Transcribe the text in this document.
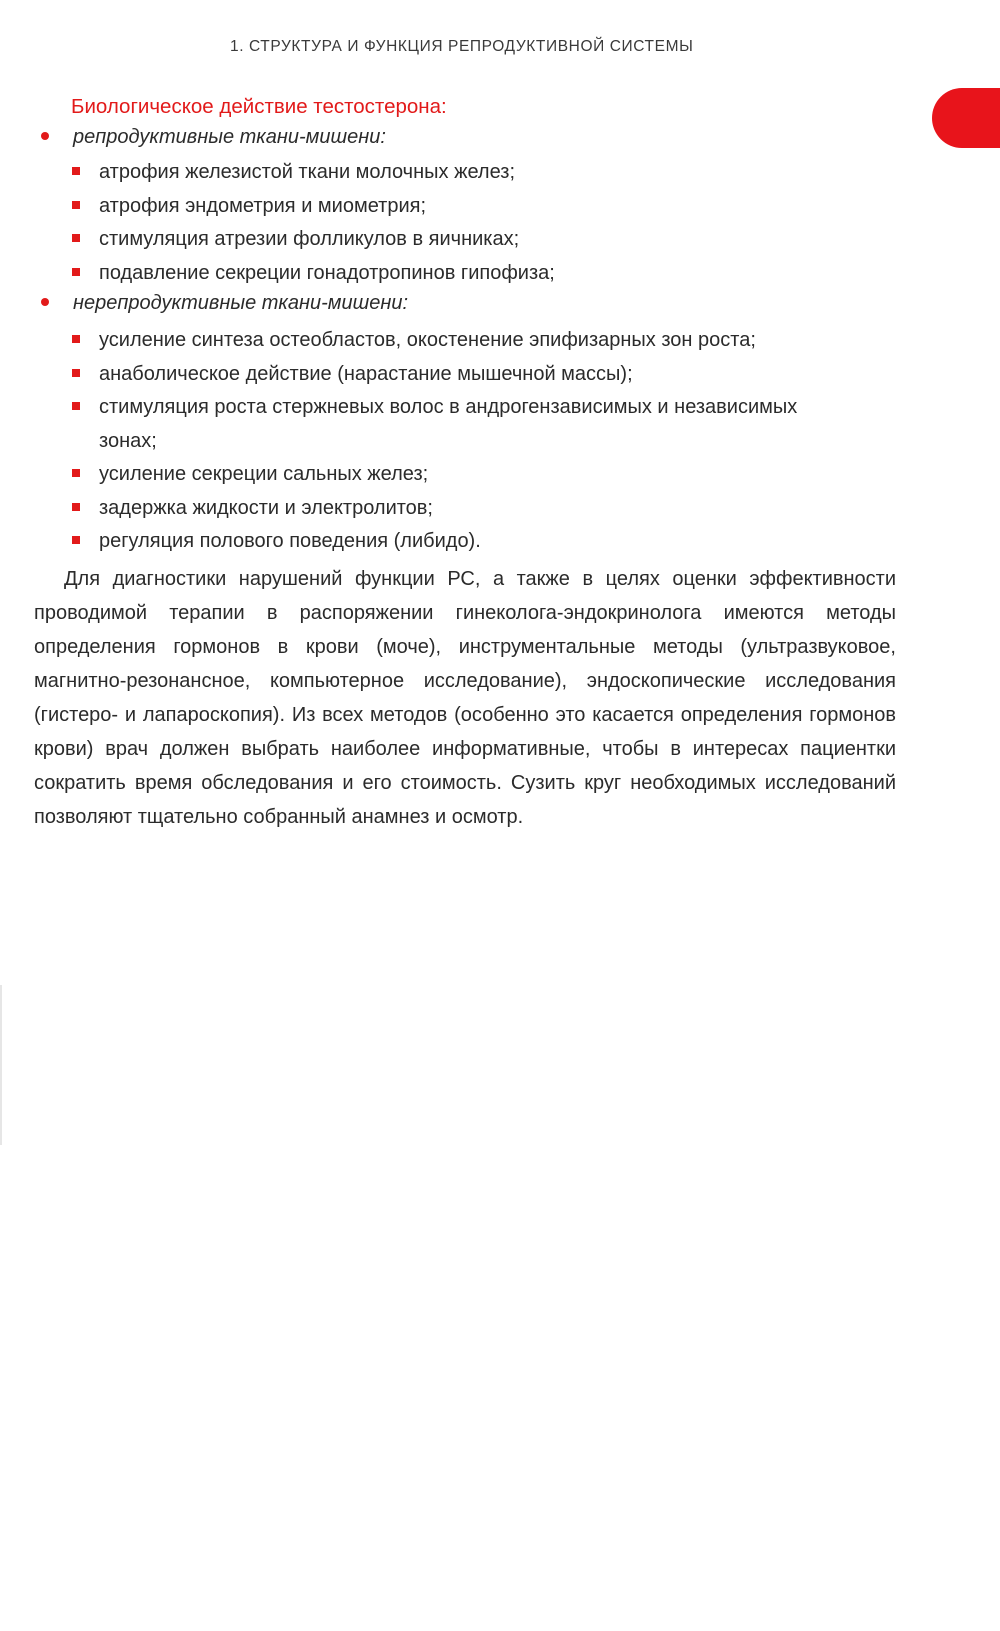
1. СТРУКТУРА И ФУНКЦИЯ РЕПРОДУКТИВНОЙ СИСТЕМЫ
Биологическое действие тестостерона:
репродуктивные ткани-мишени:
атрофия железистой ткани молочных желез;
атрофия эндометрия и миометрия;
стимуляция атрезии фолликулов в яичниках;
подавление секреции гонадотропинов гипофиза;
нерепродуктивные ткани-мишени:
усиление синтеза остеобластов, окостенение эпифизарных зон роста;
анаболическое действие (нарастание мышечной массы);
стимуляция роста стержневых волос в андрогензависимых и независимых
зонах;
усиление секреции сальных желез;
задержка жидкости и электролитов;
регуляция полового поведения (либидо).
Для диагностики нарушений функции РС, а также в целях оценки эффективности проводимой терапии в распоряжении гинеколога-эндокринолога имеются методы определения гормонов в крови (моче), инструментальные методы (ультразвуковое, магнитно-резонансное, компьютерное исследование), эндоскопические исследования (гистеро- и лапароскопия). Из всех методов (особенно это касается определения гормонов крови) врач должен выбрать наиболее информативные, чтобы в интересах пациентки сократить время обследования и его стоимость. Сузить круг необходимых исследований позволяют тщательно собранный анамнез и осмотр.
